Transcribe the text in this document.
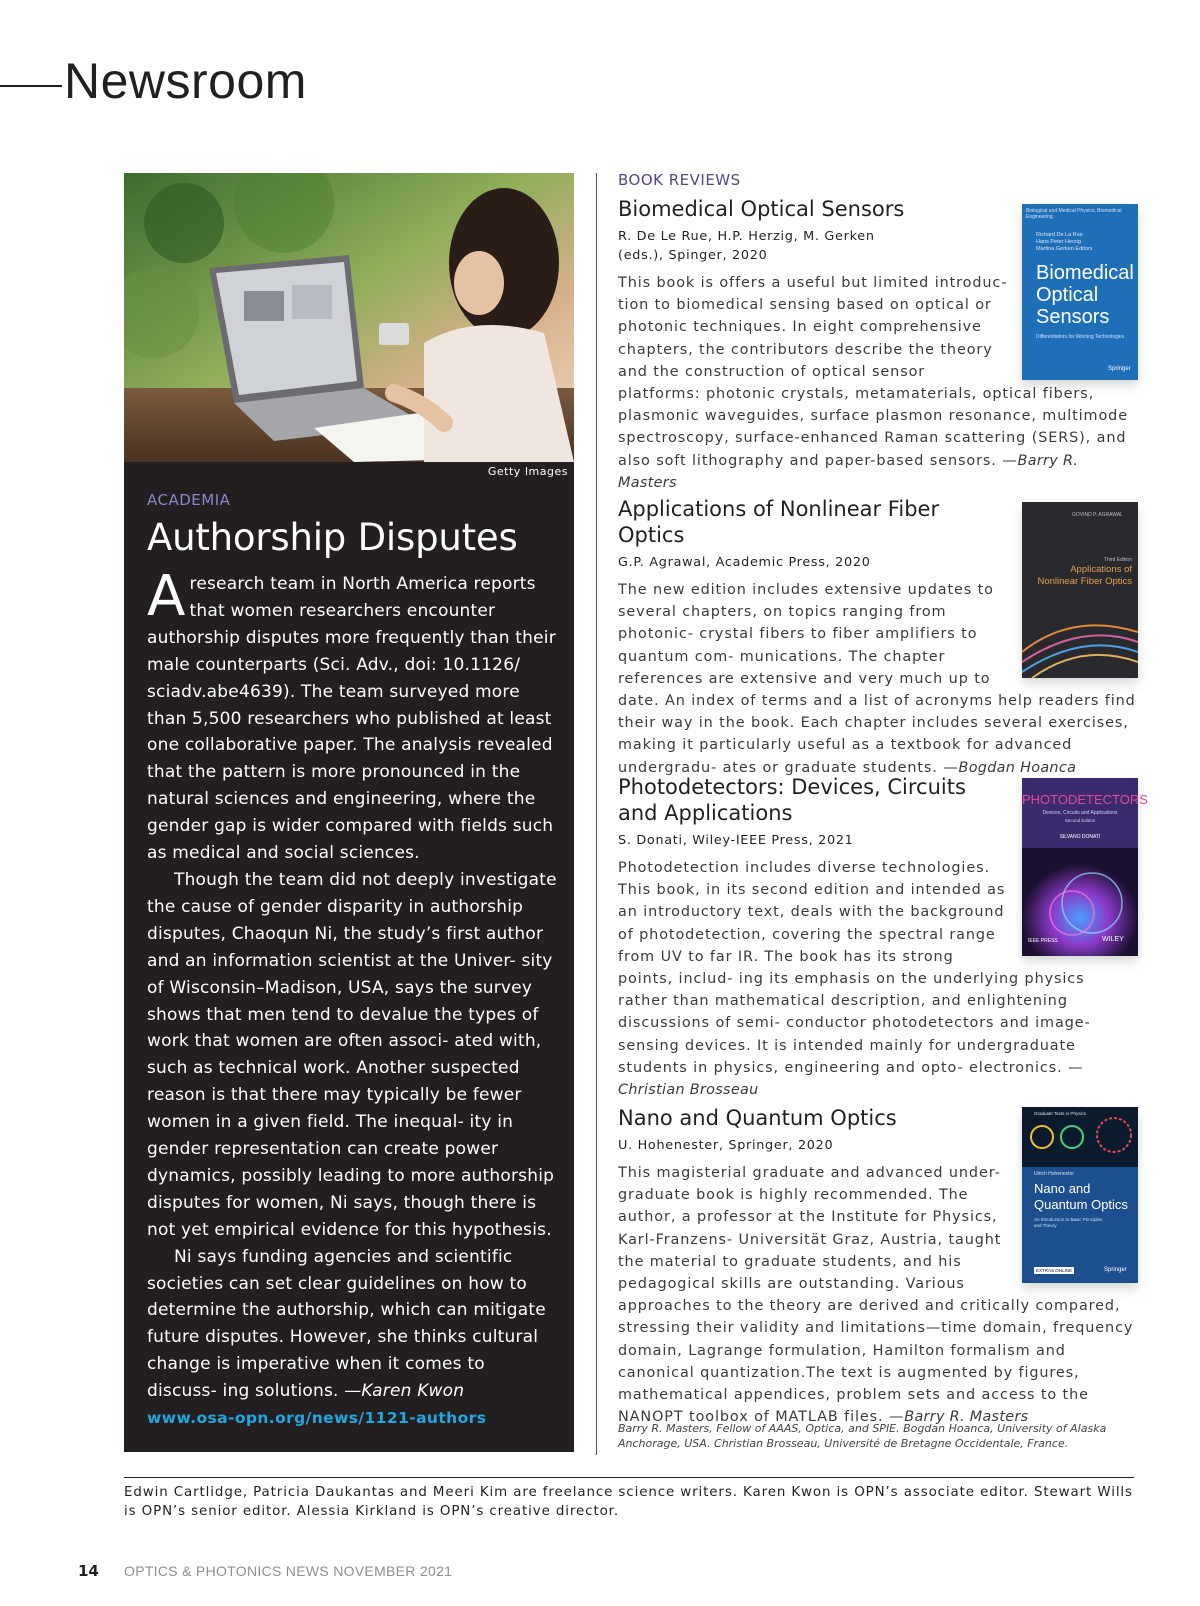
Newsroom
Getty Images
ACADEMIA
Authorship Disputes

A research team in North America reports that women researchers encounter authorship disputes more frequently than their male counterparts (Sci. Adv., doi: 10.1126/ sciadv.abe4639). The team surveyed more than 5,500 researchers who published at least one collaborative paper. The analysis revealed that the pattern is more pronounced in the natural sciences and engineering, where the gender gap is wider compared with fields such as medical and social sciences.

Though the team did not deeply investigate the cause of gender disparity in authorship disputes, Chaoqun Ni, the study’s first author and an information scientist at the Univer- sity of Wisconsin–Madison, USA, says the survey shows that men tend to devalue the types of work that women are often associ- ated with, such as technical work. Another suspected reason is that there may typically be fewer women in a given field. The inequal- ity in gender representation can create power dynamics, possibly leading to more authorship disputes for women, Ni says, though there is not yet empirical evidence for this hypothesis.

Ni says funding agencies and scientific societies can set clear guidelines on how to determine the authorship, which can mitigate future disputes. However, she thinks cultural change is imperative when it comes to discuss- ing solutions. —Karen Kwon

www.osa-opn.org/news/1121-authors
BOOK REVIEWS
Biological and Medical Physics, Biomedical Engineering
Richard De La Rue Hans Peter Herzig Martina Gerken Editors
Biomedical
Optical
Sensors
Differentiators for Winning Technologies
Springer
Biomedical Optical Sensors
R. De Le Rue, H.P. Herzig, M. Gerken (eds.), Spinger, 2020
This book is offers a useful but limited introduc- tion to biomedical sensing based on optical or photonic techniques. In eight comprehensive chapters, the contributors describe the theory and the construction of optical sensor platforms: photonic crystals, metamaterials, optical fibers, plasmonic waveguides, surface plasmon resonance, multimode spectroscopy, surface-enhanced Raman scattering (SERS), and also soft lithography and paper-based sensors. —Barry R. Masters
GOVIND P. AGRAWAL
Third Edition
Applications of
Nonlinear Fiber Optics
Applications of Nonlinear Fiber Optics
G.P. Agrawal, Academic Press, 2020
The new edition includes extensive updates to several chapters, on topics ranging from photonic- crystal fibers to fiber amplifiers to quantum com- munications. The chapter references are extensive and very much up to date. An index of terms and a list of acronyms help readers find their way in the book. Each chapter includes several exercises, making it particularly useful as a textbook for advanced undergradu- ates or graduate students. —Bogdan Hoanca
PHOTODETECTORS
Devices, Circuits and Applications
Second Edition
SILVANO DONATI
IEEE PRESS	WILEY
Photodetectors: Devices, Circuits and Applications
S. Donati, Wiley-IEEE Press, 2021
Photodetection includes diverse technologies. This book, in its second edition and intended as an introductory text, deals with the background of photodetection, covering the spectral range from UV to far IR. The book has its strong points, includ- ing its emphasis on the underlying physics rather than mathematical description, and enlightening discussions of semi- conductor photodetectors and image-sensing devices. It is intended mainly for undergraduate students in physics, engineering and opto- electronics. —Christian Brosseau
Graduate Texts in Physics
Ulrich Hohenester
Nano and
Quantum Optics
An Introduction to Basic Principles and Theory
EXTRAS ONLINE	Springer
Nano and Quantum Optics
U. Hohenester, Springer, 2020
This magisterial graduate and advanced under- graduate book is highly recommended. The author, a professor at the Institute for Physics, Karl-Franzens- Universität Graz, Austria, taught the material to graduate students, and his pedagogical skills are outstanding. Various approaches to the theory are derived and critically compared, stressing their validity and limitations—time domain, frequency domain, Lagrange formulation, Hamilton formalism and canonical quantization.The text is augmented by figures, mathematical appendices, problem sets and access to the NANOPT toolbox of MATLAB files. —Barry R. Masters
Barry R. Masters, Fellow of AAAS, Optica, and SPIE. Bogdan Hoanca, University of Alaska Anchorage, USA. Christian Brosseau, Université de Bretagne Occidentale, France.
Edwin Cartlidge, Patricia Daukantas and Meeri Kim are freelance science writers. Karen Kwon is OPN’s associate editor. Stewart Wills is OPN’s senior editor. Alessia Kirkland is OPN’s creative director.
14 OPTICS & PHOTONICS NEWS NOVEMBER 2021
